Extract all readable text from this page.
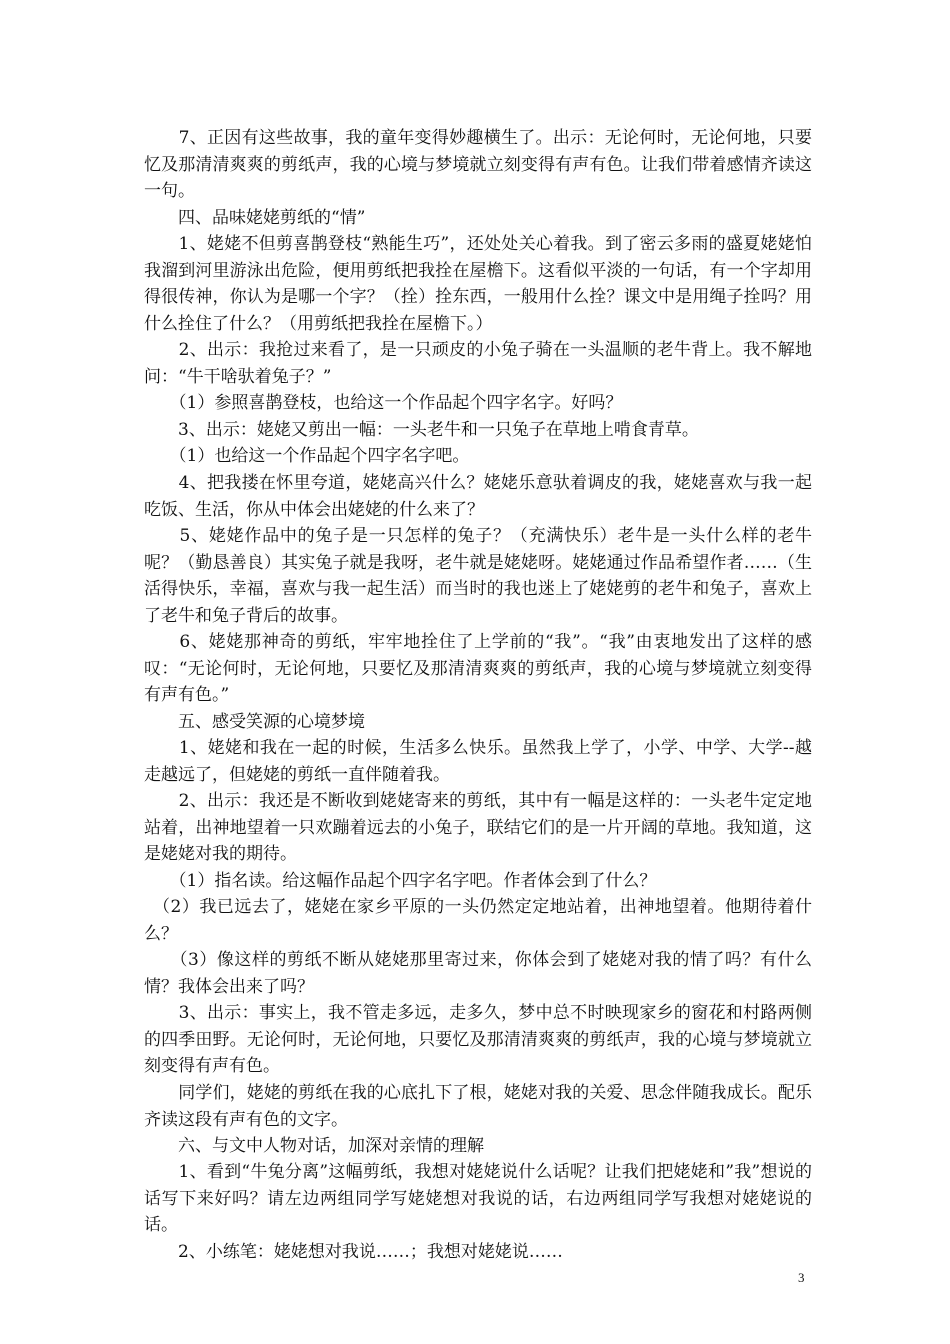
　　7、正因有这些故事，我的童年变得妙趣横生了。出示：无论何时，无论何地，只要忆及那清清爽爽的剪纸声，我的心境与梦境就立刻变得有声有色。让我们带着感情齐读这一句。

　　四、品味姥姥剪纸的“情”

　　1、姥姥不但剪喜鹊登枝“熟能生巧”，还处处关心着我。到了密云多雨的盛夏姥姥怕我溜到河里游泳出危险，便用剪纸把我拴在屋檐下。这看似平淡的一句话，有一个字却用得很传神，你认为是哪一个字？（拴）拴东西，一般用什么拴？课文中是用绳子拴吗？用什么拴住了什么？（用剪纸把我拴在屋檐下。）

　　2、出示：我抢过来看了，是一只顽皮的小兔子骑在一头温顺的老牛背上。我不解地问：“牛干啥驮着兔子？”

　　（1）参照喜鹊登枝，也给这一个作品起个四字名字。好吗？

　　3、出示：姥姥又剪出一幅：一头老牛和一只兔子在草地上啃食青草。

　　（1）也给这一个作品起个四字名字吧。

　　4、把我搂在怀里夸道，姥姥高兴什么？姥姥乐意驮着调皮的我，姥姥喜欢与我一起吃饭、生活，你从中体会出姥姥的什么来了？

　　5、姥姥作品中的兔子是一只怎样的兔子？（充满快乐）老牛是一头什么样的老牛呢？（勤恳善良）其实兔子就是我呀，老牛就是姥姥呀。姥姥通过作品希望作者……（生活得快乐，幸福，喜欢与我一起生活）而当时的我也迷上了姥姥剪的老牛和兔子，喜欢上了老牛和兔子背后的故事。

　　6、姥姥那神奇的剪纸，牢牢地拴住了上学前的“我”。“我”由衷地发出了这样的感叹：“无论何时，无论何地，只要忆及那清清爽爽的剪纸声，我的心境与梦境就立刻变得有声有色。”

　　五、感受笑源的心境梦境

　　1、姥姥和我在一起的时候，生活多么快乐。虽然我上学了，小学、中学、大学--越走越远了，但姥姥的剪纸一直伴随着我。

　　2、出示：我还是不断收到姥姥寄来的剪纸，其中有一幅是这样的：一头老牛定定地站着，出神地望着一只欢蹦着远去的小兔子，联结它们的是一片开阔的草地。我知道，这是姥姥对我的期待。

　　（1）指名读。给这幅作品起个四字名字吧。作者体会到了什么？

　（2）我已远去了，姥姥在家乡平原的一头仍然定定地站着，出神地望着。他期待着什么？

　 （3）像这样的剪纸不断从姥姥那里寄过来，你体会到了姥姥对我的情了吗？有什么情？我体会出来了吗？

　　3、出示：事实上，我不管走多远，走多久，梦中总不时映现家乡的窗花和村路两侧的四季田野。无论何时，无论何地，只要忆及那清清爽爽的剪纸声，我的心境与梦境就立刻变得有声有色。

　　同学们，姥姥的剪纸在我的心底扎下了根，姥姥对我的关爱、思念伴随我成长。配乐齐读这段有声有色的文字。

　　六、与文中人物对话，加深对亲情的理解

　　1、看到“牛兔分离”这幅剪纸，我想对姥姥说什么话呢？让我们把姥姥和”我”想说的话写下来好吗？请左边两组同学写姥姥想对我说的话，右边两组同学写我想对姥姥说的话。

　　2、小练笔：姥姥想对我说……；我想对姥姥说……

3
